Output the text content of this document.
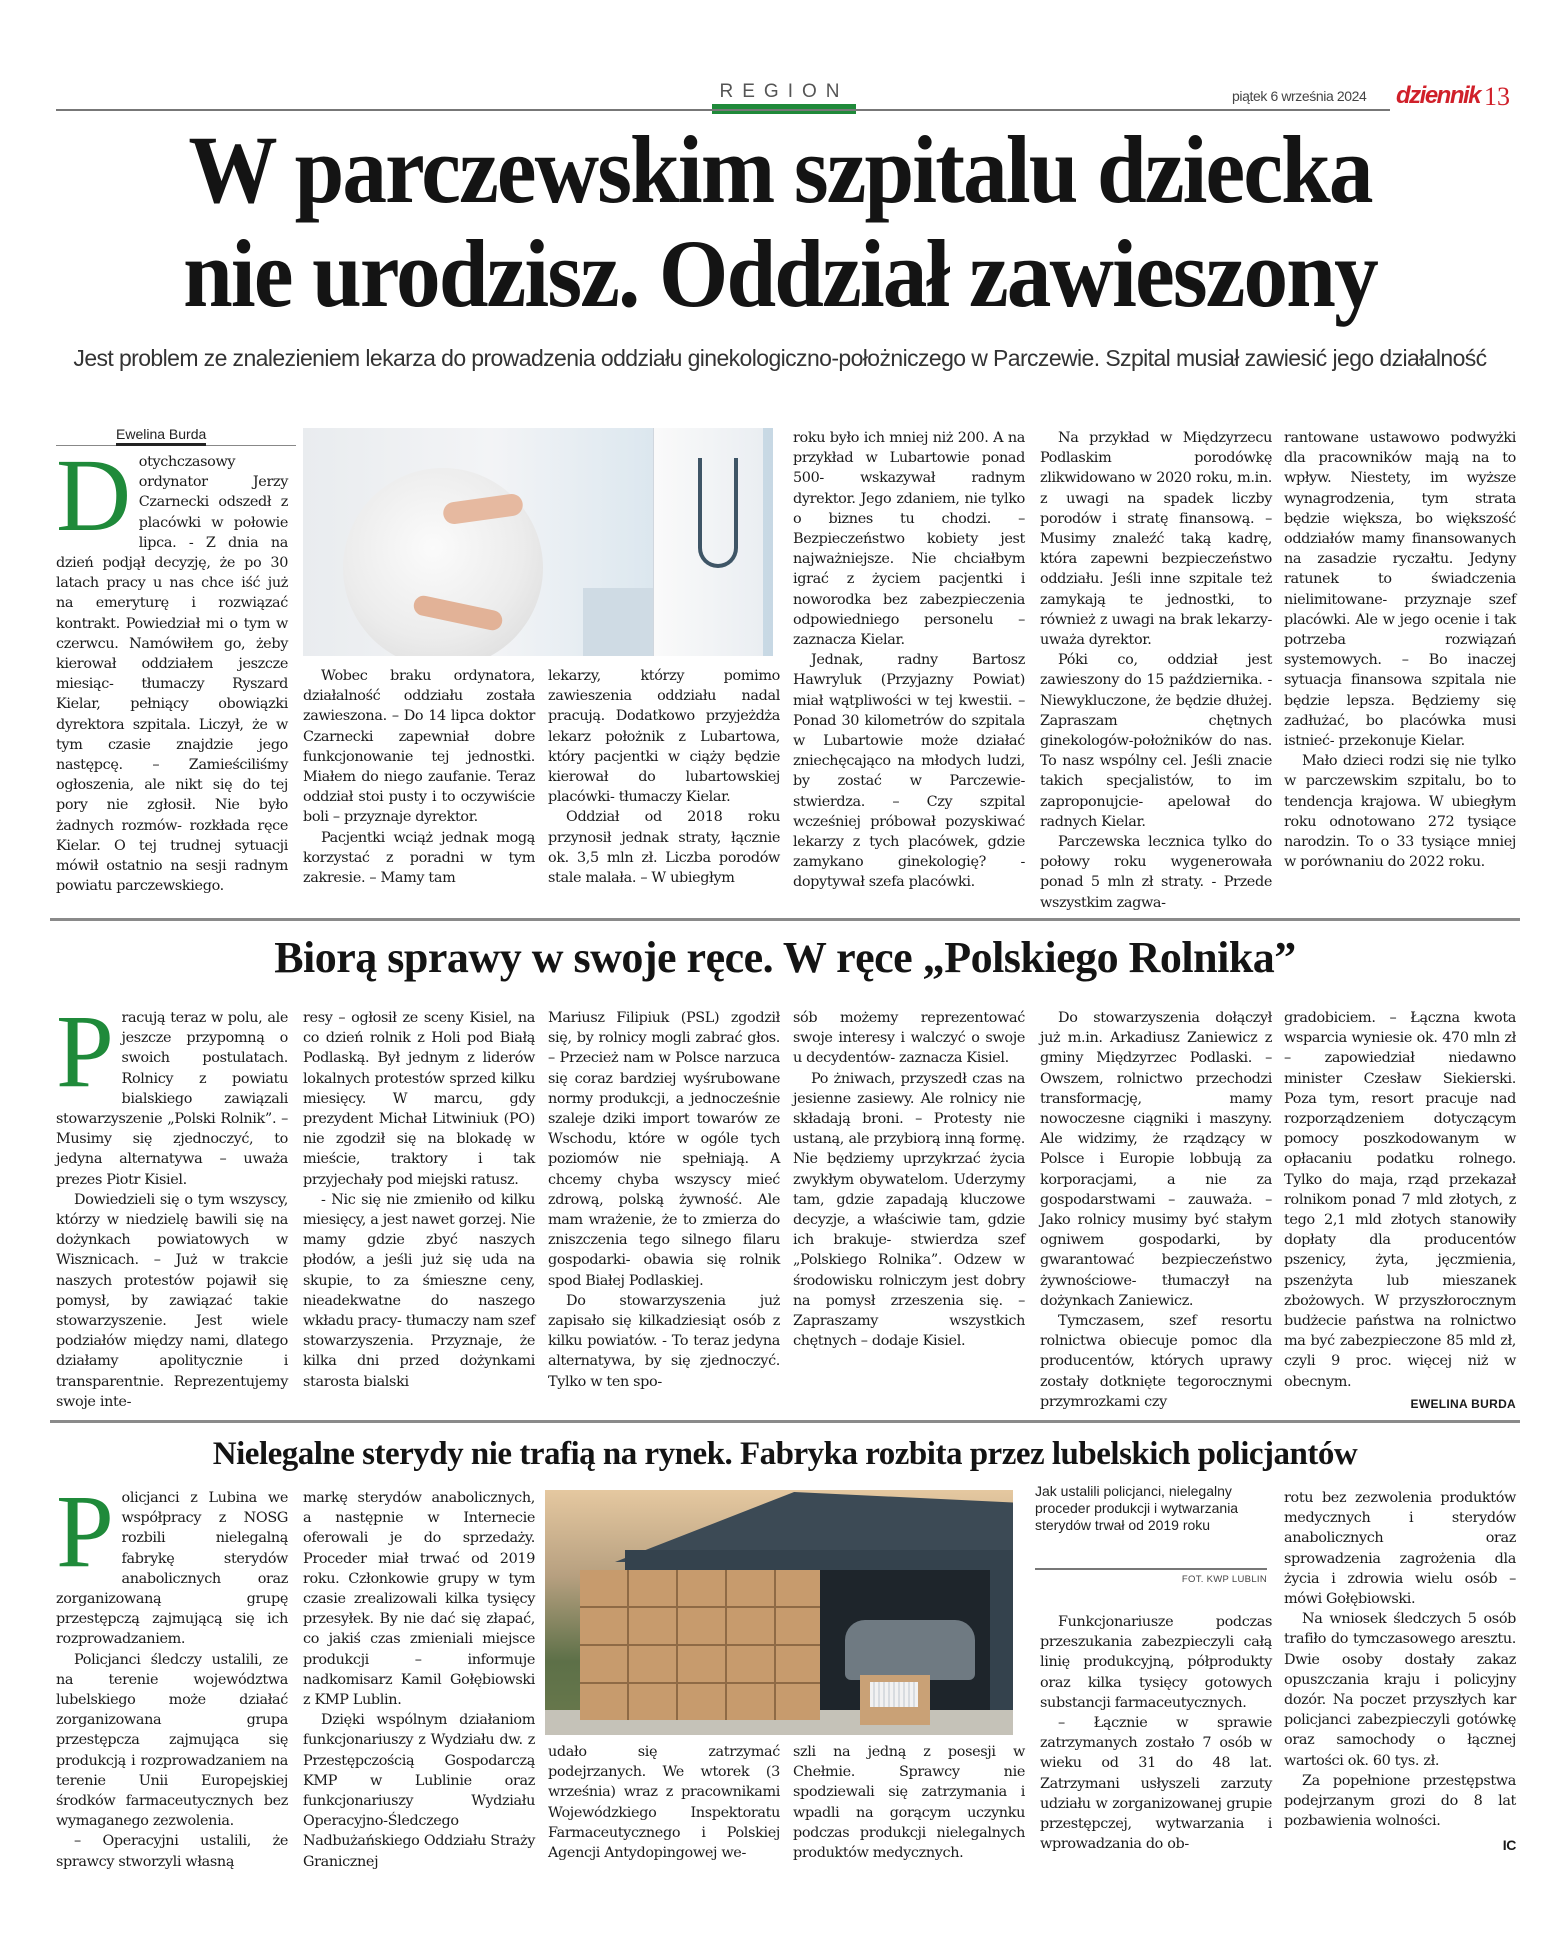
REGION	piątek 6 września 2024 dziennik 13
W parczewskim szpitalu dziecka
nie urodzisz. Oddział zawieszony
Jest problem ze znalezieniem lekarza do prowadzenia oddziału ginekologiczno-położniczego w Parczewie. Szpital musiał zawiesić jego działalność
Ewelina Burda

Dotychczasowy ordynator Jerzy Czarnecki odszedł z placówki w połowie lipca. - Z dnia na dzień podjął decyzję, że po 30 latach pracy u nas chce iść już na emeryturę i rozwiązać kontrakt. Powiedział mi o tym w czerwcu. Namówiłem go, żeby kierował oddziałem jeszcze miesiąc- tłumaczy Ryszard Kielar, pełniący obowiązki dyrektora szpitala. Liczył, że w tym czasie znajdzie jego następcę. – Zamieściliśmy ogłoszenia, ale nikt się do tej pory nie zgłosił. Nie było żadnych rozmów- rozkłada ręce Kielar. O tej trudnej sytuacji mówił ostatnio na sesji radnym powiatu parczewskiego.

Wobec braku ordynatora, działalność oddziału została zawieszona. – Do 14 lipca doktor Czarnecki zapewniał dobre funkcjonowanie tej jednostki. Miałem do niego zaufanie. Teraz oddział stoi pusty i to oczywiście boli – przyznaje dyrektor.

Pacjentki wciąż jednak mogą korzystać z poradni w tym zakresie. – Mamy tam

lekarzy, którzy pomimo zawieszenia oddziału nadal pracują. Dodatkowo przyjeżdża lekarz położnik z Lubartowa, który pacjentki w ciąży będzie kierował do lubartowskiej placówki- tłumaczy Kielar.

Oddział od 2018 roku przynosił jednak straty, łącznie ok. 3,5 mln zł. Liczba porodów stale malała. – W ubiegłym

roku było ich mniej niż 200. A na przykład w Lubartowie ponad 500- wskazywał radnym dyrektor. Jego zdaniem, nie tylko o biznes tu chodzi. – Bezpieczeństwo kobiety jest najważniejsze. Nie chciałbym igrać z życiem pacjentki i noworodka bez zabezpieczenia odpowiedniego personelu – zaznacza Kielar.

Jednak, radny Bartosz Hawryluk (Przyjazny Powiat) miał wątpliwości w tej kwestii. – Ponad 30 kilometrów do szpitala w Lubartowie może działać zniechęcająco na młodych ludzi, by zostać w Parczewie- stwierdza. – Czy szpital wcześniej próbował pozyskiwać lekarzy z tych placówek, gdzie zamykano ginekologię? - dopytywał szefa placówki.

Na przykład w Międzyrzecu Podlaskim porodówkę zlikwidowano w 2020 roku, m.in. z uwagi na spadek liczby porodów i stratę finansową. – Musimy znaleźć taką kadrę, która zapewni bezpieczeństwo oddziału. Jeśli inne szpitale też zamykają te jednostki, to również z uwagi na brak lekarzy- uważa dyrektor.

Póki co, oddział jest zawieszony do 15 października. - Niewykluczone, że będzie dłużej. Zapraszam chętnych ginekologów-położników do nas. To nasz wspólny cel. Jeśli znacie takich specjalistów, to im zaproponujcie- apelował do radnych Kielar.

Parczewska lecznica tylko do połowy roku wygenerowała ponad 5 mln zł straty. - Przede wszystkim zagwa-

rantowane ustawowo podwyżki dla pracowników mają na to wpływ. Niestety, im wyższe wynagrodzenia, tym strata będzie większa, bo większość oddziałów mamy finansowanych na zasadzie ryczałtu. Jedyny ratunek to świadczenia nielimitowane- przyznaje szef placówki. Ale w jego ocenie i tak potrzeba rozwiązań systemowych. – Bo inaczej sytuacja finansowa szpitala nie będzie lepsza. Będziemy się zadłużać, bo placówka musi istnieć- przekonuje Kielar.

Mało dzieci rodzi się nie tylko w parczewskim szpitalu, bo to tendencja krajowa. W ubiegłym roku odnotowano 272 tysiące narodzin. To o 33 tysiące mniej w porównaniu do 2022 roku.

Biorą sprawy w swoje ręce. W ręce „Polskiego Rolnika”

Pracują teraz w polu, ale jeszcze przypomną o swoich postulatach. Rolnicy z powiatu bialskiego zawiązali stowarzyszenie „Polski Rolnik”. – Musimy się zjednoczyć, to jedyna alternatywa – uważa prezes Piotr Kisiel.

Dowiedzieli się o tym wszyscy, którzy w niedzielę bawili się na dożynkach powiatowych w Wisznicach. – Już w trakcie naszych protestów pojawił się pomysł, by zawiązać takie stowarzyszenie. Jest wiele podziałów między nami, dlatego działamy apolitycznie i transparentnie. Reprezentujemy swoje inte-

resy – ogłosił ze sceny Kisiel, na co dzień rolnik z Holi pod Białą Podlaską. Był jednym z liderów lokalnych protestów sprzed kilku miesięcy. W marcu, gdy prezydent Michał Litwiniuk (PO) nie zgodził się na blokadę w mieście, traktory i tak przyjechały pod miejski ratusz.

- Nic się nie zmieniło od kilku miesięcy, a jest nawet gorzej. Nie mamy gdzie zbyć naszych płodów, a jeśli już się uda na skupie, to za śmieszne ceny, nieadekwatne do naszego wkładu pracy- tłumaczy nam szef stowarzyszenia. Przyznaje, że kilka dni przed dożynkami starosta bialski

Mariusz Filipiuk (PSL) zgodził się, by rolnicy mogli zabrać głos. – Przecież nam w Polsce narzuca się coraz bardziej wyśrubowane normy produkcji, a jednocześnie szaleje dziki import towarów ze Wschodu, które w ogóle tych poziomów nie spełniają. A chcemy chyba wszyscy mieć zdrową, polską żywność. Ale mam wrażenie, że to zmierza do zniszczenia tego silnego filaru gospodarki- obawia się rolnik spod Białej Podlaskiej.

Do stowarzyszenia już zapisało się kilkadziesiąt osób z kilku powiatów. - To teraz jedyna alternatywa, by się zjednoczyć. Tylko w ten spo-

sób możemy reprezentować swoje interesy i walczyć o swoje u decydentów- zaznacza Kisiel.

Po żniwach, przyszedł czas na jesienne zasiewy. Ale rolnicy nie składają broni. – Protesty nie ustaną, ale przybiorą inną formę. Nie będziemy uprzykrzać życia zwykłym obywatelom. Uderzymy tam, gdzie zapadają kluczowe decyzje, a właściwie tam, gdzie ich brakuje- stwierdza szef „Polskiego Rolnika”. Odzew w środowisku rolniczym jest dobry na pomysł zrzeszenia się. – Zapraszamy wszystkich chętnych – dodaje Kisiel.

Do stowarzyszenia dołączył już m.in. Arkadiusz Zaniewicz z gminy Międzyrzec Podlaski. – Owszem, rolnictwo przechodzi transformację, mamy nowoczesne ciągniki i maszyny. Ale widzimy, że rządzący w Polsce i Europie lobbują za korporacjami, a nie za gospodarstwami – zauważa. – Jako rolnicy musimy być stałym ogniwem gospodarki, by gwarantować bezpieczeństwo żywnościowe- tłumaczył na dożynkach Zaniewicz.

Tymczasem, szef resortu rolnictwa obiecuje pomoc dla producentów, których uprawy zostały dotknięte tegorocznymi przymrozkami czy

gradobiciem. – Łączna kwota wsparcia wyniesie ok. 470 mln zł – zapowiedział niedawno minister Czesław Siekierski. Poza tym, resort pracuje nad rozporządzeniem dotyczącym pomocy poszkodowanym w opłacaniu podatku rolnego. Tylko do maja, rząd przekazał rolnikom ponad 7 mld złotych, z tego 2,1 mld złotych stanowiły dopłaty dla producentów pszenicy, żyta, jęczmienia, pszenżyta lub mieszanek zbożowych. W przyszłorocznym budżecie państwa na rolnictwo ma być zabezpieczone 85 mld zł, czyli 9 proc. więcej niż w obecnym.

EWELINA BURDA
Nielegalne sterydy nie trafią na rynek. Fabryka rozbita przez lubelskich policjantów

Policjanci z Lubina we współpracy z NOSG rozbili nielegalną fabrykę sterydów anabolicznych oraz zorganizowaną grupę przestępczą zajmującą się ich rozprowadzaniem.

Policjanci śledczy ustalili, ze na terenie województwa lubelskiego może działać zorganizowana grupa przestępcza zajmująca się produkcją i rozprowadzaniem na terenie Unii Europejskiej środków farmaceutycznych bez wymaganego zezwolenia.

– Operacyjni ustalili, że sprawcy stworzyli własną

markę sterydów anabolicznych, a następnie w Internecie oferowali je do sprzedaży. Proceder miał trwać od 2019 roku. Członkowie grupy w tym czasie zrealizowali kilka tysięcy przesyłek. By nie dać się złapać, co jakiś czas zmieniali miejsce produkcji – informuje nadkomisarz Kamil Gołębiowski z KMP Lublin.

Dzięki wspólnym działaniom funkcjonariuszy z Wydziału dw. z Przestępczością Gospodarczą KMP w Lublinie oraz funkcjonariuszy Wydziału Operacyjno-Śledczego Nadbużańskiego Oddziału Straży Granicznej

udało się zatrzymać podejrzanych. We wtorek (3 września) wraz z pracownikami Wojewódzkiego Inspektoratu Farmaceutycznego i Polskiej Agencji Antydopingowej we-

szli na jedną z posesji w Chełmie. Sprawcy nie spodziewali się zatrzymania i wpadli na gorącym uczynku podczas produkcji nielegalnych produktów medycznych.

Jak ustalili policjanci, nielegalny proceder produkcji i wytwarzania sterydów trwał od 2019 roku
FOT. KWP LUBLIN

Funkcjonariusze podczas przeszukania zabezpieczyli całą linię produkcyjną, półprodukty oraz kilka tysięcy gotowych substancji farmaceutycznych.

– Łącznie w sprawie zatrzymanych zostało 7 osób w wieku od 31 do 48 lat. Zatrzymani usłyszeli zarzuty udziału w zorganizowanej grupie przestępczej, wytwarzania i wprowadzania do ob-

rotu bez zezwolenia produktów medycznych i sterydów anabolicznych oraz sprowadzenia zagrożenia dla życia i zdrowia wielu osób – mówi Gołębiowski.

Na wniosek śledczych 5 osób trafiło do tymczasowego aresztu. Dwie osoby dostały zakaz opuszczania kraju i policyjny dozór. Na poczet przyszłych kar policjanci zabezpieczyli gotówkę oraz samochody o łącznej wartości ok. 60 tys. zł.

Za popełnione przestępstwa podejrzanym grozi do 8 lat pozbawienia wolności.

IC
